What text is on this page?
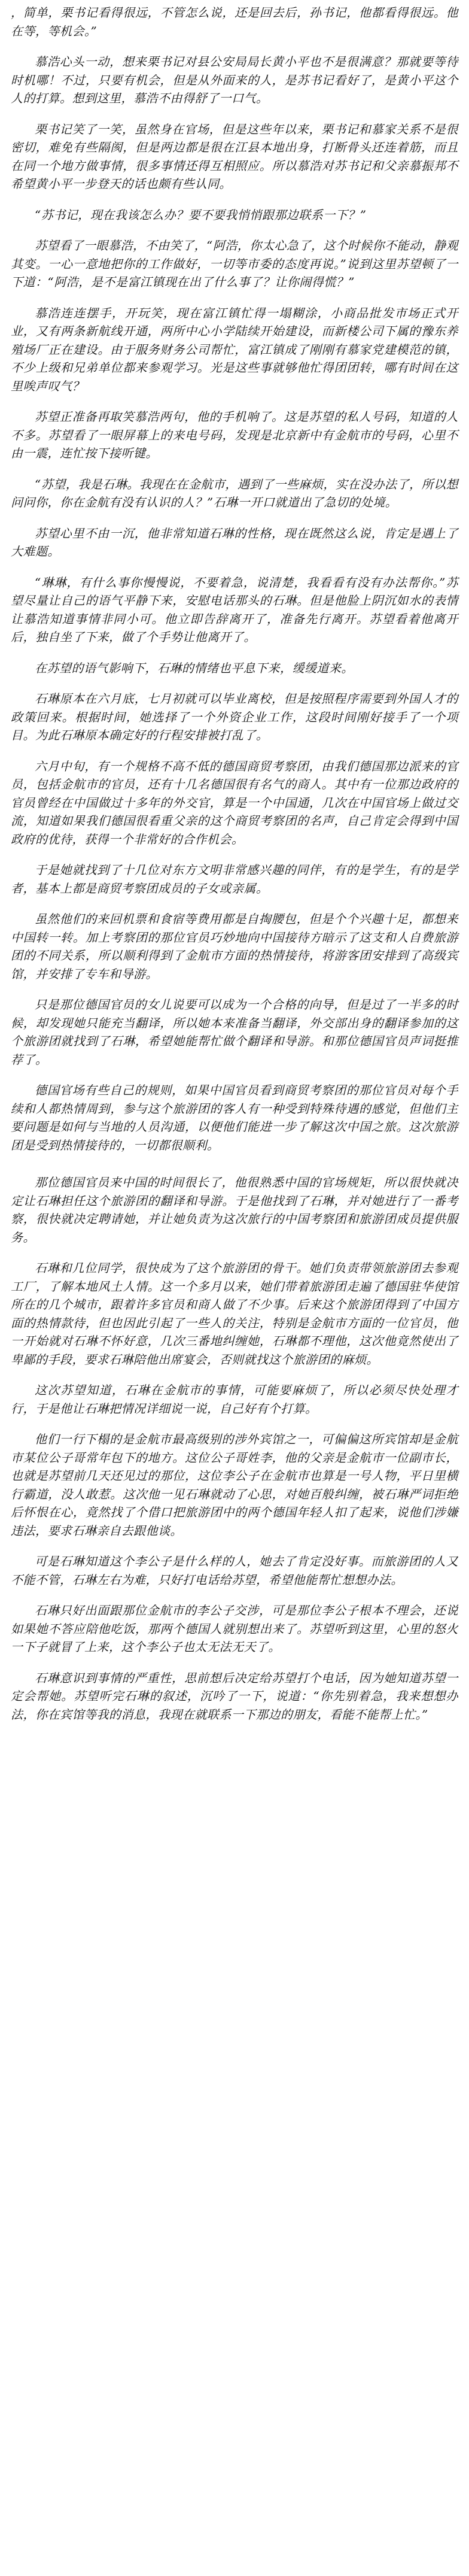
，简单，栗书记看得很远，不管怎么说，还是回去后，孙书记，他都看得很远。他在等，等机会。”

慕浩心头一动，想来栗书记对县公安局局长黄小平也不是很满意？那就要等待时机哪！不过，只要有机会，但是从外面来的人，是苏书记看好了，是黄小平这个人的打算。想到这里，慕浩不由得舒了一口气。

栗书记笑了一笑，虽然身在官场，但是这些年以来，栗书记和慕家关系不是很密切，难免有些隔阂，但是两边都是很在江县本地出身，打断骨头还连着筋，而且在同一个地方做事情，很多事情还得互相照应。所以慕浩对苏书记和父亲慕振邦不希望黄小平一步登天的话也颇有些认同。

“苏书记，现在我该怎么办？要不要我悄悄跟那边联系一下？”

苏望看了一眼慕浩，不由笑了，“阿浩，你太心急了，这个时候你不能动，静观其变。一心一意地把你的工作做好，一切等市委的态度再说。”说到这里苏望顿了一下道：“阿浩，是不是富江镇现在出了什么事了？让你闹得慌？”

慕浩连连摆手，开玩笑，现在富江镇忙得一塌糊涂，小商品批发市场正式开业，又有两条新航线开通，两所中心小学陆续开始建设，而新楼公司下属的豫东养殖场厂正在建设。由于服务财务公司帮忙，富江镇成了刚刚有慕家党建模范的镇，不少上级和兄弟单位都来参观学习。光是这些事就够他忙得团团转，哪有时间在这里唉声叹气？

苏望正准备再取笑慕浩两句，他的手机响了。这是苏望的私人号码，知道的人不多。苏望看了一眼屏幕上的来电号码，发现是北京新中有金航市的号码，心里不由一震，连忙按下接听键。

“苏望，我是石琳。我现在在金航市，遇到了一些麻烦，实在没办法了，所以想问问你，你在金航有没有认识的人？”石琳一开口就道出了急切的处境。

苏望心里不由一沉，他非常知道石琳的性格，现在既然这么说，肯定是遇上了大难题。

“琳琳，有什么事你慢慢说，不要着急，说清楚，我看看有没有办法帮你。”苏望尽量让自己的语气平静下来，安慰电话那头的石琳。但是他脸上阴沉如水的表情让慕浩知道事情非同小可。他立即告辞离开了，准备先行离开。苏望看着他离开后，独自坐了下来，做了个手势让他离开了。

在苏望的语气影响下，石琳的情绪也平息下来，缓缓道来。

石琳原本在六月底，七月初就可以毕业离校，但是按照程序需要到外国人才的政策回来。根据时间，她选择了一个外资企业工作，这段时间刚好接手了一个项目。为此石琳原本确定好的行程安排被打乱了。

六月中旬，有一个规格不高不低的德国商贸考察团，由我们德国那边派来的官员，包括金航市的官员，还有十几名德国很有名气的商人。其中有一位那边政府的官员曾经在中国做过十多年的外交官，算是一个中国通，几次在中国官场上做过交流，知道如果我们德国很看重父亲的这个商贸考察团的名声，自己肯定会得到中国政府的优待，获得一个非常好的合作机会。

于是她就找到了十几位对东方文明非常感兴趣的同伴，有的是学生，有的是学者，基本上都是商贸考察团成员的子女或亲属。

虽然他们的来回机票和食宿等费用都是自掏腰包，但是个个兴趣十足，都想来中国转一转。加上考察团的那位官员巧妙地向中国接待方暗示了这支和人自费旅游团的不同关系，所以顺利得到了金航市方面的热情接待，将游客团安排到了高级宾馆，并安排了专车和导游。

只是那位德国官员的女儿说要可以成为一个合格的向导，但是过了一半多的时候，却发现她只能充当翻译，所以她本来准备当翻译，外交部出身的翻译参加的这个旅游团就找到了石琳，希望她能帮忙做个翻译和导游。和那位德国官员声词挺推荐了。

德国官场有些自己的规则，如果中国官员看到商贸考察团的那位官员对每个手续和人都热情周到，参与这个旅游团的客人有一种受到特殊待遇的感觉，但他们主要问题是如何与当地的人员沟通，以便他们能进一步了解这次中国之旅。这次旅游团是受到热情接待的，一切都很顺利。

那位德国官员来中国的时间很长了，他很熟悉中国的官场规矩，所以很快就决定让石琳担任这个旅游团的翻译和导游。于是他找到了石琳，并对她进行了一番考察，很快就决定聘请她，并让她负责为这次旅行的中国考察团和旅游团成员提供服务。

石琳和几位同学，很快成为了这个旅游团的骨干。她们负责带领旅游团去参观工厂，了解本地风土人情。这一个多月以来，她们带着旅游团走遍了德国驻华使馆所在的几个城市，跟着许多官员和商人做了不少事。后来这个旅游团得到了中国方面的热情款待，但也因此引起了一些人的关注，特别是金航市方面的一位官员，他一开始就对石琳不怀好意，几次三番地纠缠她，石琳都不理他，这次他竟然使出了卑鄙的手段，要求石琳陪他出席宴会，否则就找这个旅游团的麻烦。

这次苏望知道，石琳在金航市的事情，可能要麻烦了，所以必须尽快处理才行，于是他让石琳把情况详细说一说，自己好有个打算。

他们一行下榻的是金航市最高级别的涉外宾馆之一，可偏偏这所宾馆却是金航市某位公子哥常年包下的地方。这位公子哥姓李，他的父亲是金航市一位副市长，也就是苏望前几天还见过的那位，这位李公子在金航市也算是一号人物，平日里横行霸道，没人敢惹。这次他一见石琳就动了心思，对她百般纠缠，被石琳严词拒绝后怀恨在心，竟然找了个借口把旅游团中的两个德国年轻人扣了起来，说他们涉嫌违法，要求石琳亲自去跟他谈。

可是石琳知道这个李公子是什么样的人，她去了肯定没好事。而旅游团的人又不能不管，石琳左右为难，只好打电话给苏望，希望他能帮忙想想办法。

石琳只好出面跟那位金航市的李公子交涉，可是那位李公子根本不理会，还说如果她不答应陪他吃饭，那两个德国人就别想出来了。苏望听到这里，心里的怒火一下子就冒了上来，这个李公子也太无法无天了。

石琳意识到事情的严重性，思前想后决定给苏望打个电话，因为她知道苏望一定会帮她。苏望听完石琳的叙述，沉吟了一下，说道：“你先别着急，我来想想办法，你在宾馆等我的消息，我现在就联系一下那边的朋友，看能不能帮上忙。”
